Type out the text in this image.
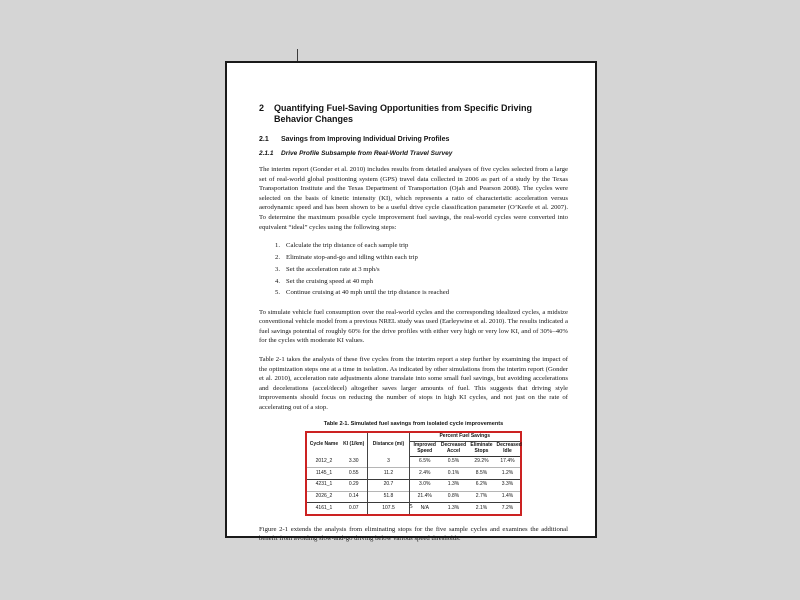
2	Quantifying Fuel-Saving Opportunities from Specific Driving Behavior Changes
2.1	Savings from Improving Individual Driving Profiles
2.1.1	Drive Profile Subsample from Real-World Travel Survey

The interim report (Gonder et al. 2010) includes results from detailed analyses of five cycles selected from a large set of real-world global positioning system (GPS) travel data collected in 2006 as part of a study by the Texas Transportation Institute and the Texas Department of Transportation (Ojah and Pearson 2008). The cycles were selected on the basis of kinetic intensity (KI), which represents a ratio of characteristic acceleration versus aerodynamic speed and has been shown to be a useful drive cycle classification parameter (O’Keefe et al. 2007). To determine the maximum possible cycle improvement fuel savings, the real-world cycles were converted into equivalent “ideal” cycles using the following steps:

1. Calculate the trip distance of each sample trip
2. Eliminate stop-and-go and idling within each trip
3. Set the acceleration rate at 3 mph/s
4. Set the cruising speed at 40 mph
5. Continue cruising at 40 mph until the trip distance is reached

To simulate vehicle fuel consumption over the real-world cycles and the corresponding idealized cycles, a midsize conventional vehicle model from a previous NREL study was used (Earleywine et al. 2010). The results indicated a fuel savings potential of roughly 60% for the drive profiles with either very high or very low KI, and of 30%–40% for the cycles with moderate KI values.

Table 2-1 takes the analysis of these five cycles from the interim report a step further by examining the impact of the optimization steps one at a time in isolation. As indicated by other simulations from the interim report (Gonder et al. 2010), acceleration rate adjustments alone translate into some small fuel savings, but avoiding accelerations and decelerations (accel/decel) altogether saves larger amounts of fuel. This suggests that driving style improvements should focus on reducing the number of stops in high KI cycles, and not just on the rate of accelerating out of a stop.

Table 2-1. Simulated fuel savings from isolated cycle improvements
Cycle Name	KI (1/km)	Distance (mi)	Percent Fuel Savings			
			Improved Speed	Decreased Accel	Eliminate Stops	Decreased Idle
2012_2	3.30	3	6.5%	0.5%	29.2%	17.4%
1145_1	0.55	11.2	2.4%	0.1%	8.5%	1.2%
4231_1	0.29	20.7	3.0%	1.3%	6.2%	3.3%
2026_2	0.14	51.8	21.4%	0.8%	2.7%	1.4%
4161_1	0.07	107.5	N/A	1.3%	2.1%	7.2%

Figure 2-1 extends the analysis from eliminating stops for the five sample cycles and examines the additional benefit from avoiding slow-and-go driving below various speed thresholds.

5
